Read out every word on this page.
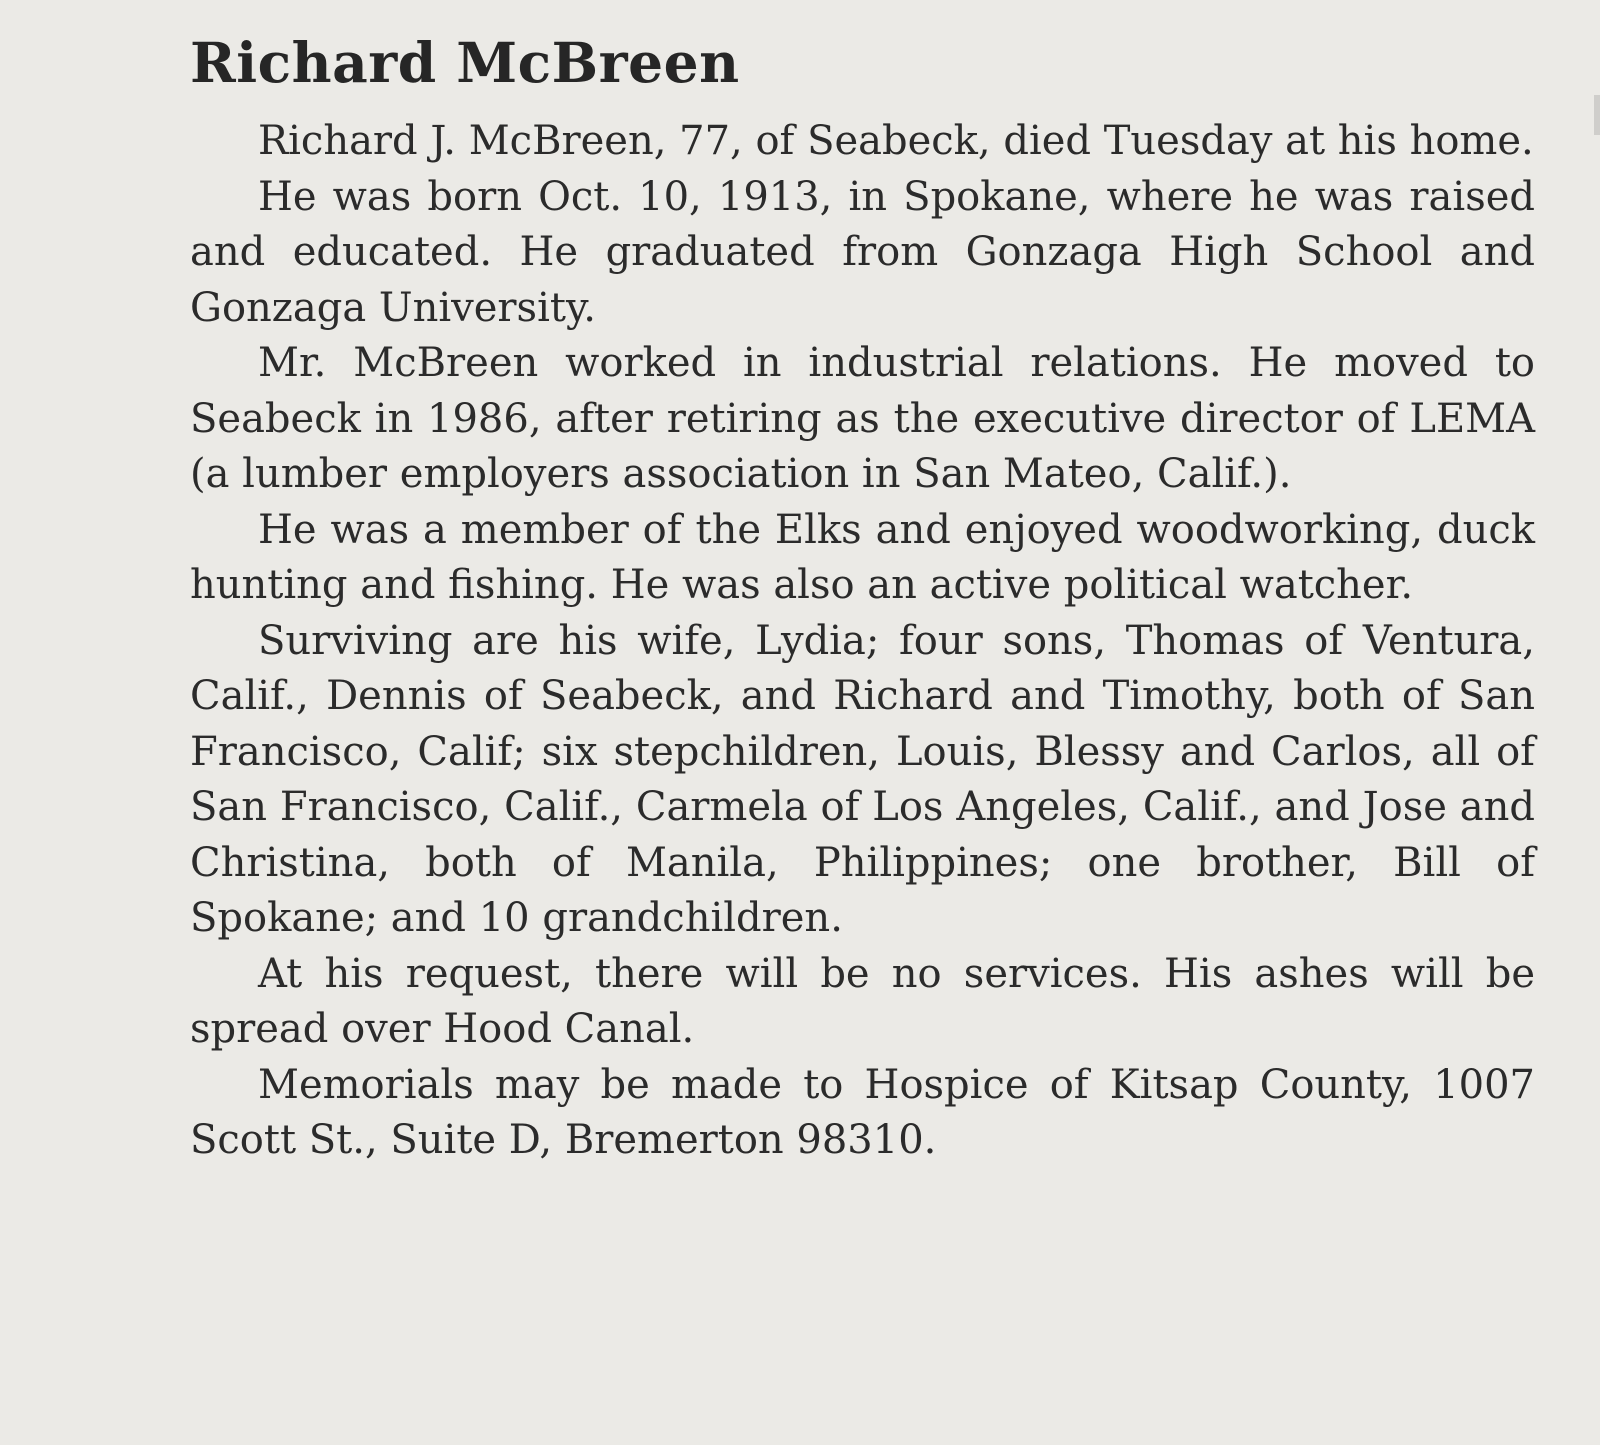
Richard McBreen

Richard J. McBreen, 77, of Seabeck, died Tuesday at his home.

He was born Oct. 10, 1913, in Spokane, where he was raised and educated. He graduated from Gonzaga High School and Gonzaga University.

Mr. McBreen worked in industrial relations. He moved to Seabeck in 1986, after retiring as the executive director of LEMA (a lumber employers association in San Mateo, Calif.).

He was a member of the Elks and enjoyed woodworking, duck hunting and fishing. He was also an active political watcher.

Surviving are his wife, Lydia; four sons, Thomas of Ventura, Calif., Dennis of Seabeck, and Richard and Timothy, both of San Francisco, Calif; six stepchildren, Louis, Blessy and Carlos, all of San Francisco, Calif., Carmela of Los Angeles, Calif., and Jose and Christina, both of Manila, Philippines; one brother, Bill of Spokane; and 10 grandchildren.

At his request, there will be no services. His ashes will be spread over Hood Canal.

Memorials may be made to Hospice of Kitsap County, 1007 Scott St., Suite D, Bremerton 98310.
